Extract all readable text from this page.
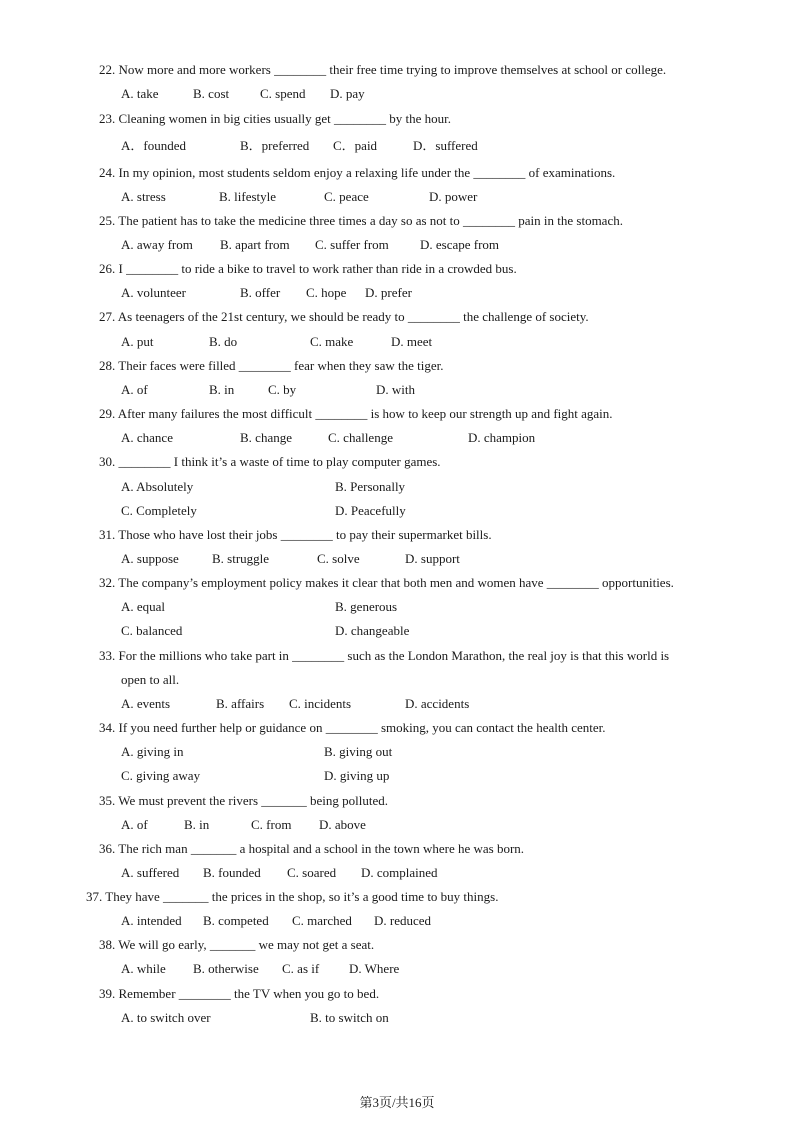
22. Now more and more workers ________ their free time trying to improve themselves at school or college.
A. take	B. cost C. spend D. pay
23. Cleaning women in big cities usually get ________ by the hour.
A．founded	B．preferred C．paid	D．suffered
24. In my opinion, most students seldom enjoy a relaxing life under the ________ of examinations.
A. stress	B. lifestyle	C. peace	D. power
25. The patient has to take the medicine three times a day so as not to ________ pain in the stomach.
A. away from B. apart from C. suffer from D. escape from
26. I ________ to ride a bike to travel to work rather than ride in a crowded bus.
A. volunteer	B. offer C. hope D. prefer
27. As teenagers of the 21st century, we should be ready to ________ the challenge of society.
A. put	B. do	C. make	D. meet
28. Their faces were filled ________ fear when they saw the tiger.
A. of	B. in	C. by	D. with
29. After many failures the most difficult ________ is how to keep our strength up and fight again.
A. chance	B. change	C. challenge	D. champion
30. ________ I think it’s a waste of time to play computer games.
A. Absolutely	B. Personally
C. Completely	D. Peacefully
31. Those who have lost their jobs ________ to pay their supermarket bills.
A. suppose	B. struggle	C. solve	D. support
32. The company’s employment policy makes it clear that both men and women have ________ opportunities.
A. equal	B. generous
C. balanced	D. changeable
33. For the millions who take part in ________ such as the London Marathon, the real joy is that this world is
open to all.
A. events	B. affairs C. incidents	D. accidents
34. If you need further help or guidance on ________ smoking, you can contact the health center.
A. giving in	B. giving out
C. giving away	D. giving up
35. We must prevent the rivers _______ being polluted.
A. of	B. in	C. from D. above
36. The rich man _______ a hospital and a school in the town where he was born.
A. suffered B. founded C. soared D. complained
37. They have _______ the prices in the shop, so it’s a good time to buy things.
A. intended B. competed C. marched D. reduced
38. We will go early, _______ we may not get a seat.
A. while B. otherwise C. as if D. Where
39. Remember ________ the TV when you go to bed.
A. to switch over	B. to switch on
第3页/共16页
